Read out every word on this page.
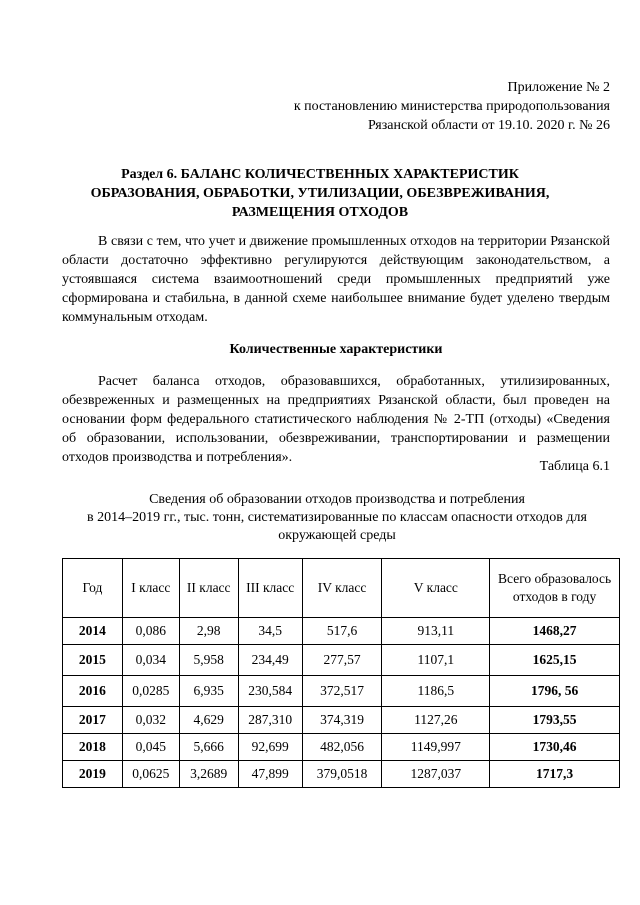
Приложение № 2
к постановлению министерства природопользования
Рязанской области от 19.10. 2020 г. № 26
Раздел 6. БАЛАНС КОЛИЧЕСТВЕННЫХ ХАРАКТЕРИСТИК
ОБРАЗОВАНИЯ, ОБРАБОТКИ, УТИЛИЗАЦИИ, ОБЕЗВРЕЖИВАНИЯ,
РАЗМЕЩЕНИЯ ОТХОДОВ

В связи с тем, что учет и движение промышленных отходов на территории Рязанской области достаточно эффективно регулируются действующим законодательством, а устоявшаяся система взаимоотношений среди промышленных предприятий уже сформирована и стабильна, в данной схеме наибольшее внимание будет уделено твердым коммунальным отходам.

Количественные характеристики

Расчет баланса отходов, образовавшихся, обработанных, утилизированных, обезвреженных и размещенных на предприятиях Рязанской области, был проведен на основании форм федерального статистического наблюдения № 2-ТП (отходы) «Сведения об образовании, использовании, обезвреживании, транспортировании и размещении отходов производства и потребления».

Таблица 6.1
Сведения об образовании отходов производства и потребления
в 2014–2019 гг., тыс. тонн, систематизированные по классам опасности отходов для
окружающей среды
Год	I класс	II класс	III класс	IV класс	V класс	Всего образовалось отходов в году
2014	0,086	2,98	34,5	517,6	913,11	1468,27
2015	0,034	5,958	234,49	277,57	1107,1	1625,15
2016	0,0285	6,935	230,584	372,517	1186,5	1796, 56
2017	0,032	4,629	287,310	374,319	1127,26	1793,55
2018	0,045	5,666	92,699	482,056	1149,997	1730,46
2019	0,0625	3,2689	47,899	379,0518	1287,037	1717,3
